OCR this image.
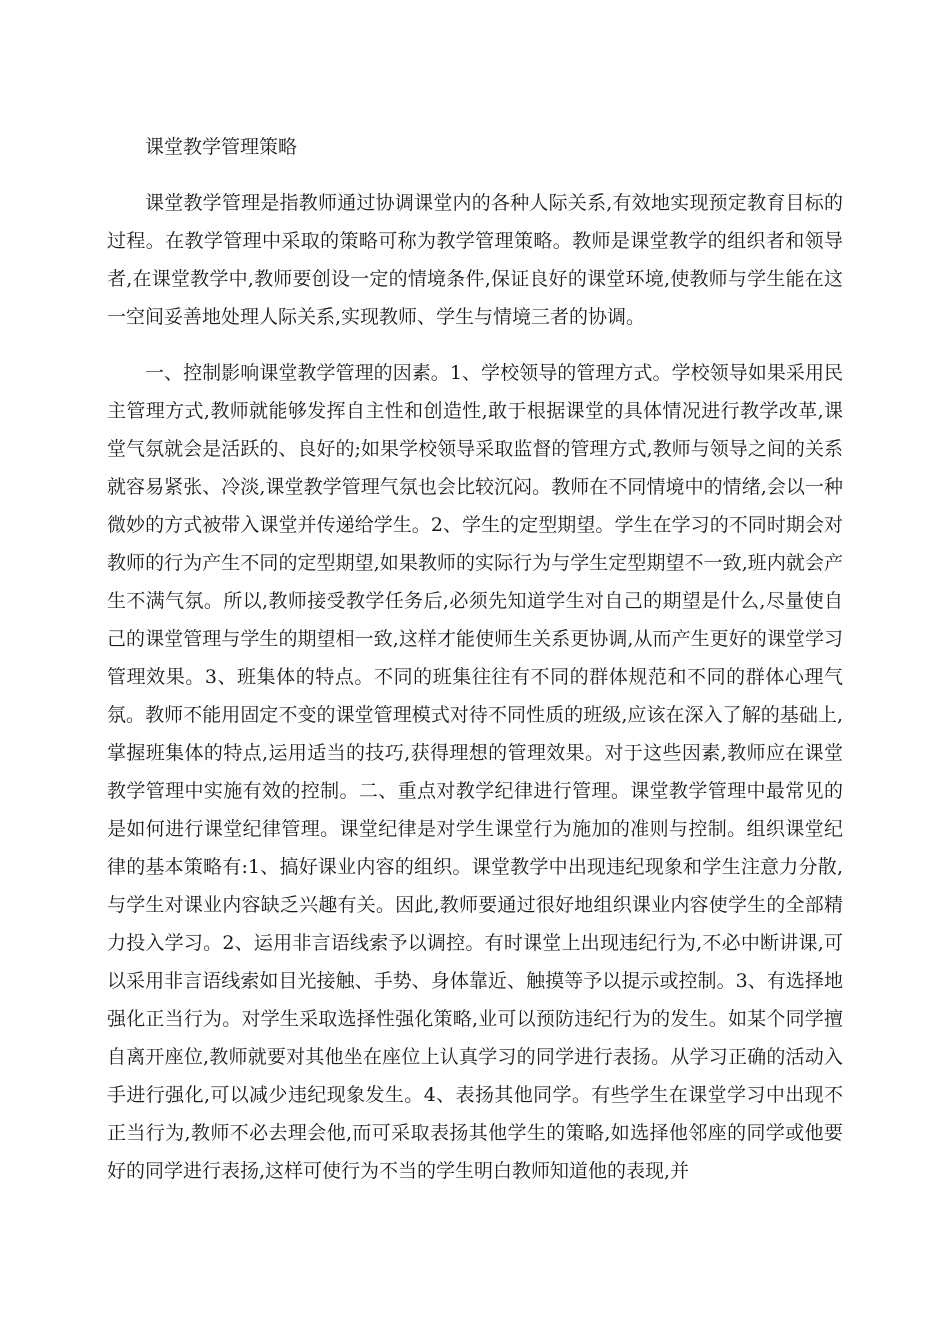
课堂教学管理策略

课堂教学管理是指教师通过协调课堂内的各种人际关系,有效地实现预定教育目标的过程。在教学管理中采取的策略可称为教学管理策略。教师是课堂教学的组织者和领导者,在课堂教学中,教师要创设一定的情境条件,保证良好的课堂环境,使教师与学生能在这一空间妥善地处理人际关系,实现教师、学生与情境三者的协调。

一、控制影响课堂教学管理的因素。1、学校领导的管理方式。学校领导如果采用民主管理方式,教师就能够发挥自主性和创造性,敢于根据课堂的具体情况进行教学改革,课堂气氛就会是活跃的、良好的;如果学校领导采取监督的管理方式,教师与领导之间的关系就容易紧张、冷淡,课堂教学管理气氛也会比较沉闷。教师在不同情境中的情绪,会以一种微妙的方式被带入课堂并传递给学生。2、学生的定型期望。学生在学习的不同时期会对教师的行为产生不同的定型期望,如果教师的实际行为与学生定型期望不一致,班内就会产生不满气氛。所以,教师接受教学任务后,必须先知道学生对自己的期望是什么,尽量使自己的课堂管理与学生的期望相一致,这样才能使师生关系更协调,从而产生更好的课堂学习管理效果。3、班集体的特点。不同的班集往往有不同的群体规范和不同的群体心理气氛。教师不能用固定不变的课堂管理模式对待不同性质的班级,应该在深入了解的基础上,掌握班集体的特点,运用适当的技巧,获得理想的管理效果。对于这些因素,教师应在课堂教学管理中实施有效的控制。二、重点对教学纪律进行管理。课堂教学管理中最常见的是如何进行课堂纪律管理。课堂纪律是对学生课堂行为施加的准则与控制。组织课堂纪律的基本策略有:1、搞好课业内容的组织。课堂教学中出现违纪现象和学生注意力分散,与学生对课业内容缺乏兴趣有关。因此,教师要通过很好地组织课业内容使学生的全部精力投入学习。2、运用非言语线索予以调控。有时课堂上出现违纪行为,不必中断讲课,可以采用非言语线索如目光接触、手势、身体靠近、触摸等予以提示或控制。3、有选择地强化正当行为。对学生采取选择性强化策略,业可以预防违纪行为的发生。如某个同学擅自离开座位,教师就要对其他坐在座位上认真学习的同学进行表扬。从学习正确的活动入手进行强化,可以减少违纪现象发生。4、表扬其他同学。有些学生在课堂学习中出现不正当行为,教师不必去理会他,而可采取表扬其他学生的策略,如选择他邻座的同学或他要好的同学进行表扬,这样可使行为不当的学生明白教师知道他的表现,并
